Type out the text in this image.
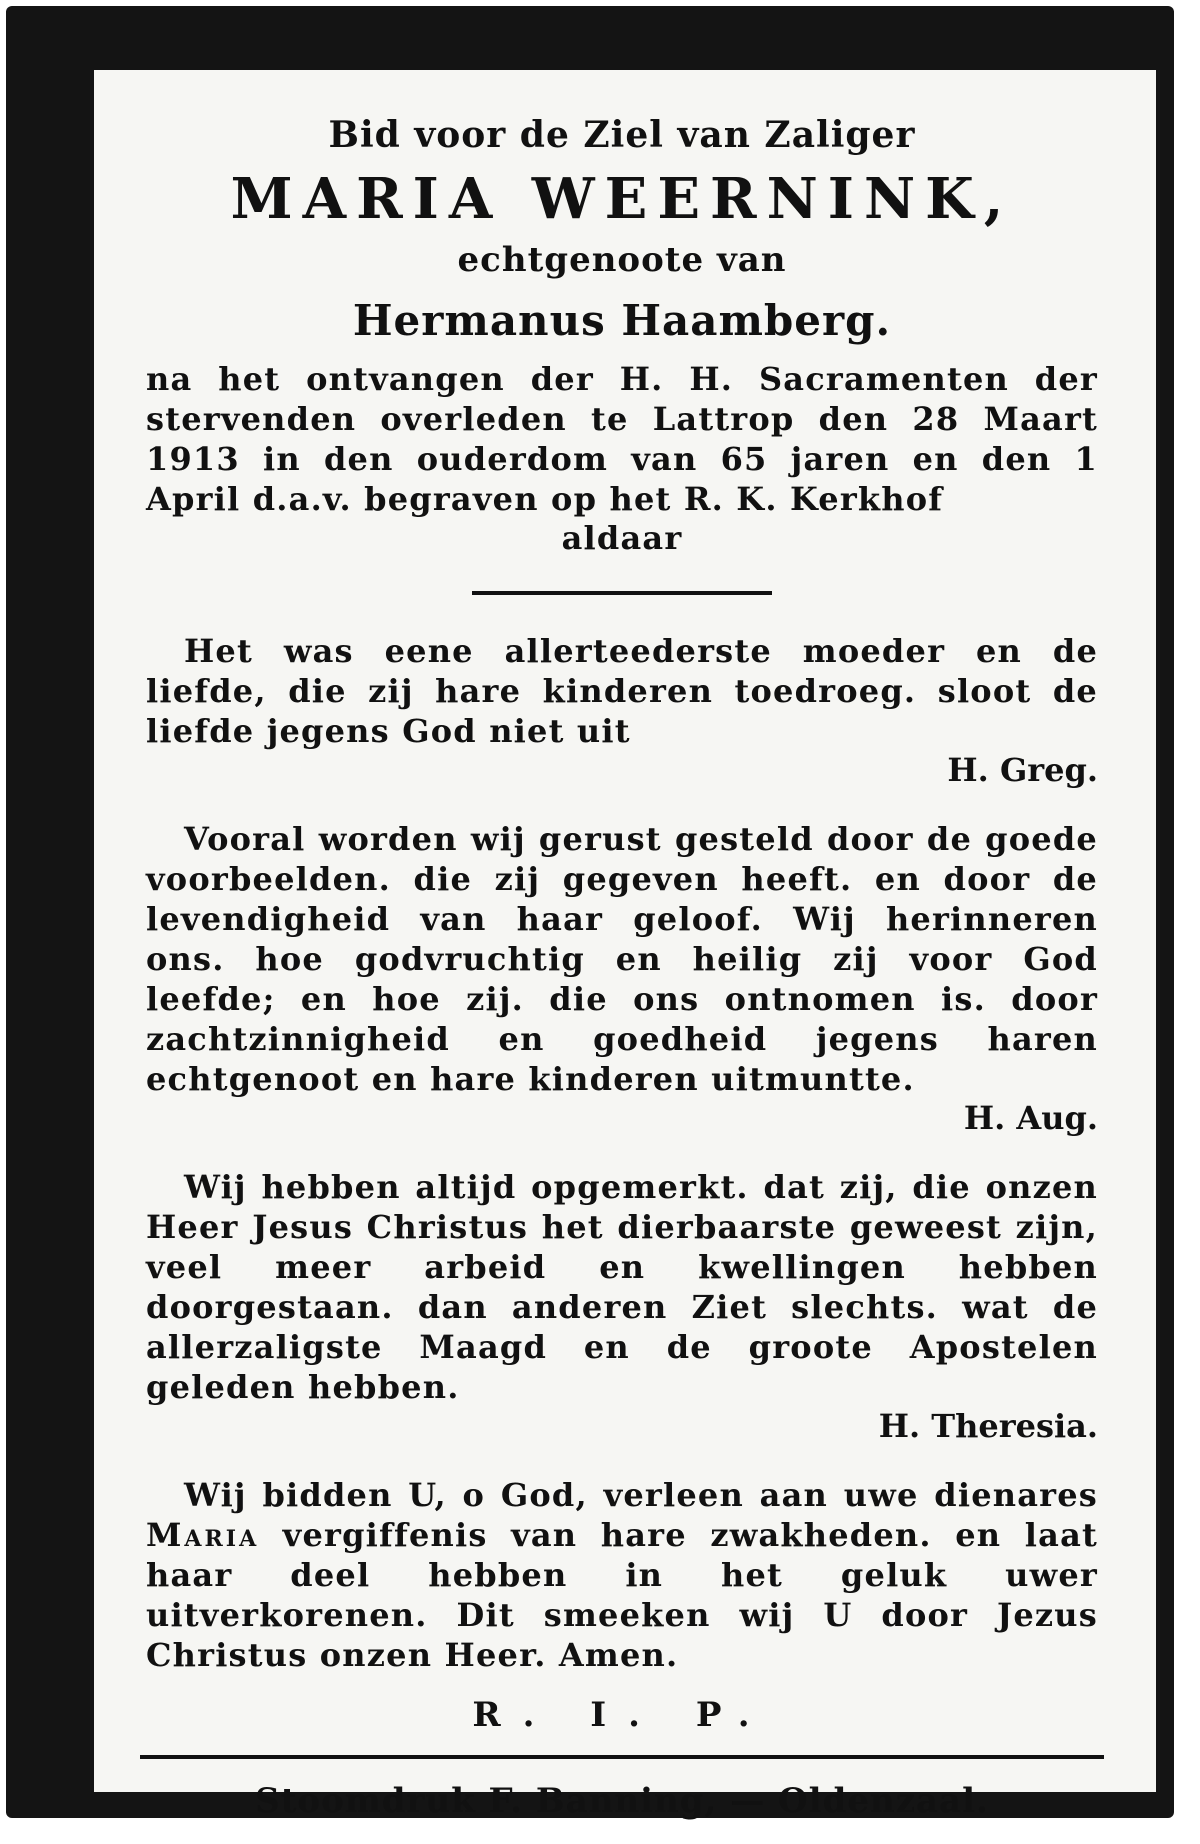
Bid voor de Ziel van Zaliger
MARIA WEERNINK,
echtgenoote van
Hermanus Haamberg.

na het ontvangen der H. H. Sacramenten der stervenden overleden te Lattrop den 28 Maart 1913 in den ouderdom van 65 jaren en den 1 April d.a.v. begraven op het R. K. Kerkhof

aldaar

Het was eene allerteederste moeder en de liefde, die zij hare kinderen toedroeg. sloot de liefde jegens God niet uit

H. Greg.

Vooral worden wij gerust gesteld door de goede voorbeelden. die zij gegeven heeft. en door de levendigheid van haar geloof. Wij herinneren ons. hoe godvruchtig en heilig zij voor God leefde; en hoe zij. die ons ontnomen is. door zachtzinnigheid en goedheid jegens haren echtgenoot en hare kinderen uitmuntte.

H. Aug.

Wij hebben altijd opgemerkt. dat zij, die onzen Heer Jesus Christus het dierbaarste geweest zijn, veel meer arbeid en kwellingen hebben doorgestaan. dan anderen Ziet slechts. wat de allerzaligste Maagd en de groote Apostelen geleden hebben.

H. Theresia.

Wij bidden U, o God, verleen aan uwe dienares Maria vergiffenis van hare zwakheden. en laat haar deel hebben in het geluk uwer uitverkorenen. Dit smeeken wij U door Jezus Christus onzen Heer. Amen.

R. I. P.
Stoomdruk F. Banning, — Oldenzaal.
